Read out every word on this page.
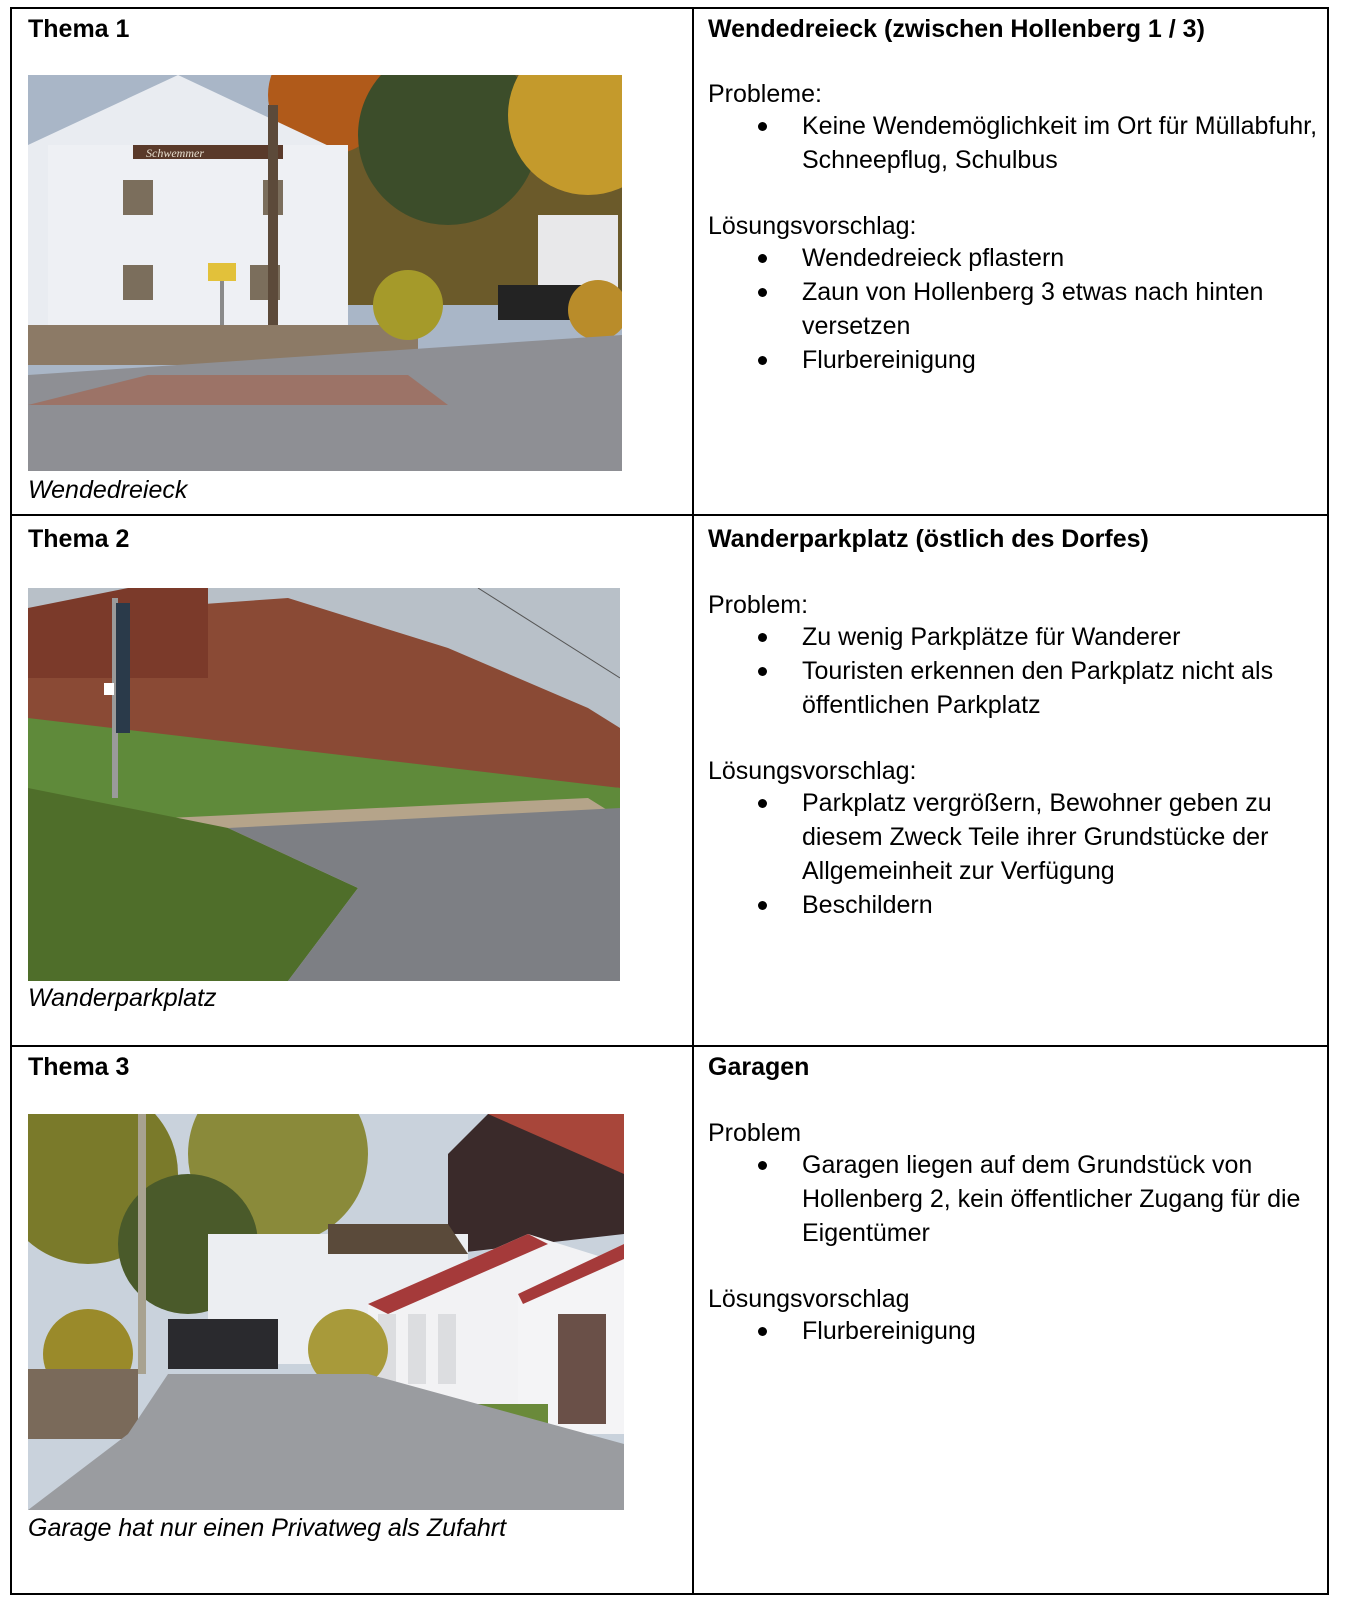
Thema 1
Schwemmer
Wendedreieck
Wendedreieck (zwischen Hollenberg 1 / 3)
Probleme:
Keine Wendemöglichkeit im Ort für Müllabfuhr, Schneepflug, Schulbus
Lösungsvorschlag:
Wendedreieck pflastern
Zaun von Hollenberg 3 etwas nach hinten versetzen
Flurbereinigung
Thema 2
Wanderparkplatz
Wanderparkplatz (östlich des Dorfes)
Problem:
Zu wenig Parkplätze für Wanderer
Touristen erkennen den Parkplatz nicht als öffentlichen Parkplatz
Lösungsvorschlag:
Parkplatz vergrößern, Bewohner geben zu diesem Zweck Teile ihrer Grundstücke der Allgemeinheit zur Verfügung
Beschildern
Thema 3
Garage hat nur einen Privatweg als Zufahrt
Garagen
Problem
Garagen liegen auf dem Grundstück von Hollenberg 2, kein öffentlicher Zugang für die Eigentümer
Lösungsvorschlag
Flurbereinigung
